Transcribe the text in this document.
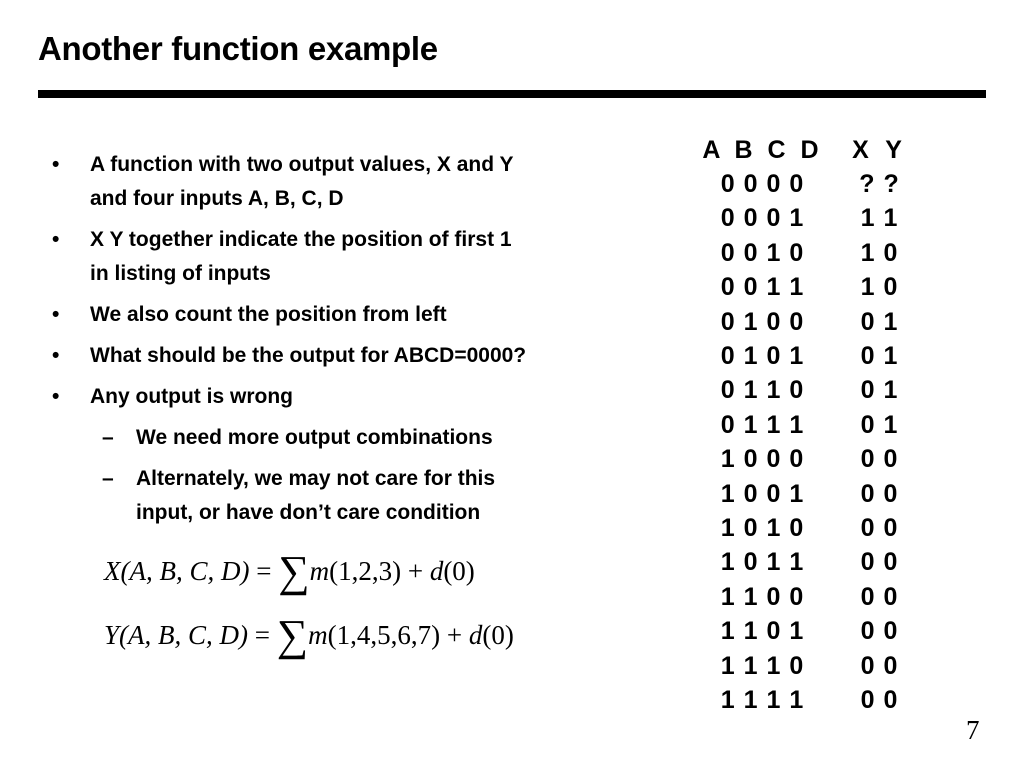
Another function example
• A function with two output values, X and Y
and four inputs A, B, C, D
• X Y together indicate the position of first 1
in listing of inputs
• We also count the position from left
• What should be the output for ABCD=0000?
• Any output is wrong
– We need more output combinations
– Alternately, we may not care for this
input, or have don’t care condition
X(A, B, C, D) = ∑m(1,2,3) + d(0)
Y(A, B, C, D) = ∑m(1,4,5,6,7) + d(0)
A B C D	X Y
0 0 0 0	? ?
0 0 0 1	1 1
0 0 1 0	1 0
0 0 1 1	1 0
0 1 0 0	0 1
0 1 0 1	0 1
0 1 1 0	0 1
0 1 1 1	0 1
1 0 0 0	0 0
1 0 0 1	0 0
1 0 1 0	0 0
1 0 1 1	0 0
1 1 0 0	0 0
1 1 0 1	0 0
1 1 1 0	0 0
1 1 1 1	0 0
7
